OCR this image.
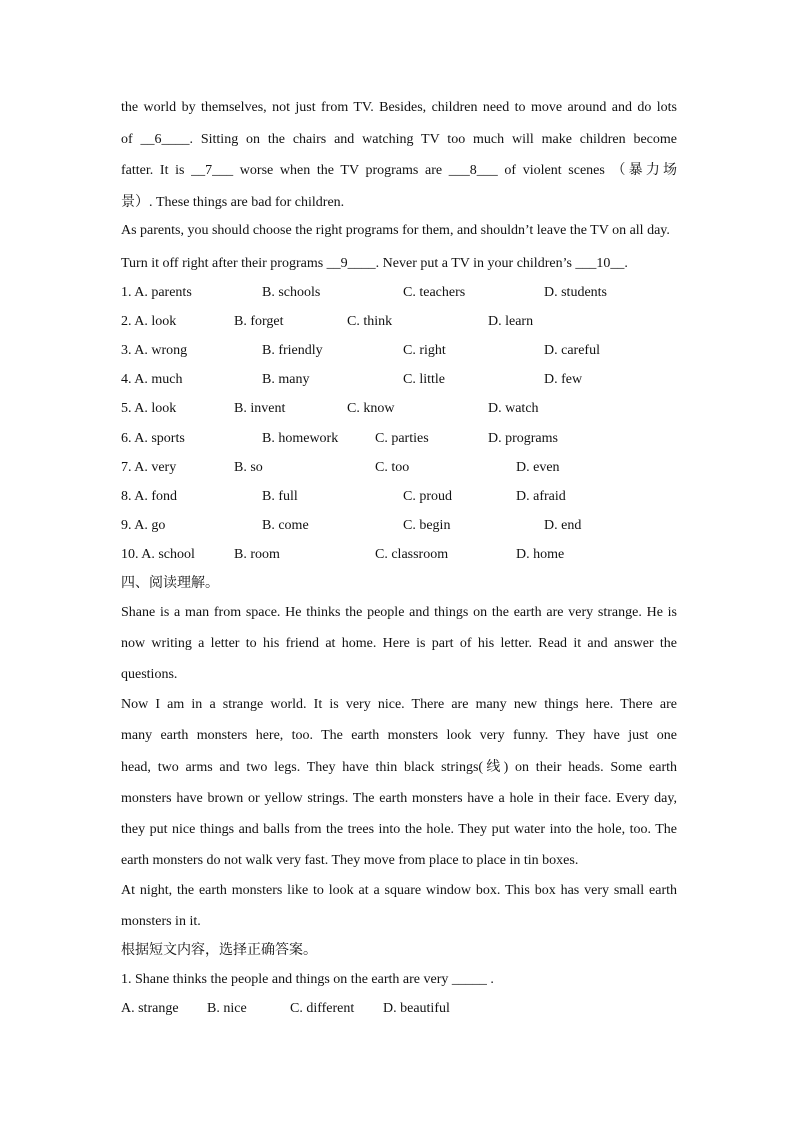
the world by themselves, not just from TV. Besides, children need to move around and do lots
of __6____. Sitting on the chairs and watching TV too much will make children become
fatter. It is __7___ worse when the TV programs are ___8___ of violent scenes （暴力场
景）. These things are bad for children.
As parents, you should choose the right programs for them, and shouldn’t leave the TV on all day.
Turn it off right after their programs __9____. Never put a TV in your children’s ___10__.
1. A. parents	B. schools	C. teachers	D. students
2. A. look	B. forget	C. think	D. learn
3. A. wrong	B. friendly	C. right	D. careful
4. A. much	B. many	C. little	D. few
5. A. look	B. invent	C. know	D. watch
6. A. sports	B. homework	C. parties	D. programs
7. A. very	B. so	C. too	D. even
8. A. fond	B. full	C. proud	D. afraid
9. A. go	B. come	C. begin	D. end
10. A. school	B. room	C. classroom	D. home
四、阅读理解。
Shane is a man from space. He thinks the people and things on the earth are very strange. He is
now writing a letter to his friend at home. Here is part of his letter. Read it and answer the
questions.
Now I am in a strange world. It is very nice. There are many new things here. There are
many earth monsters here, too. The earth monsters look very funny. They have just one
head, two arms and two legs. They have thin black strings(线) on their heads. Some earth
monsters have brown or yellow strings. The earth monsters have a hole in their face. Every day,
they put nice things and balls from the trees into the hole. They put water into the hole, too. The
earth monsters do not walk very fast. They move from place to place in tin boxes.
At night, the earth monsters like to look at a square window box. This box has very small earth
monsters in it.
根据短文内容，选择正确答案。
1. Shane thinks the people and things on the earth are very _____ .
A. strange B. nice	C. different D. beautiful
